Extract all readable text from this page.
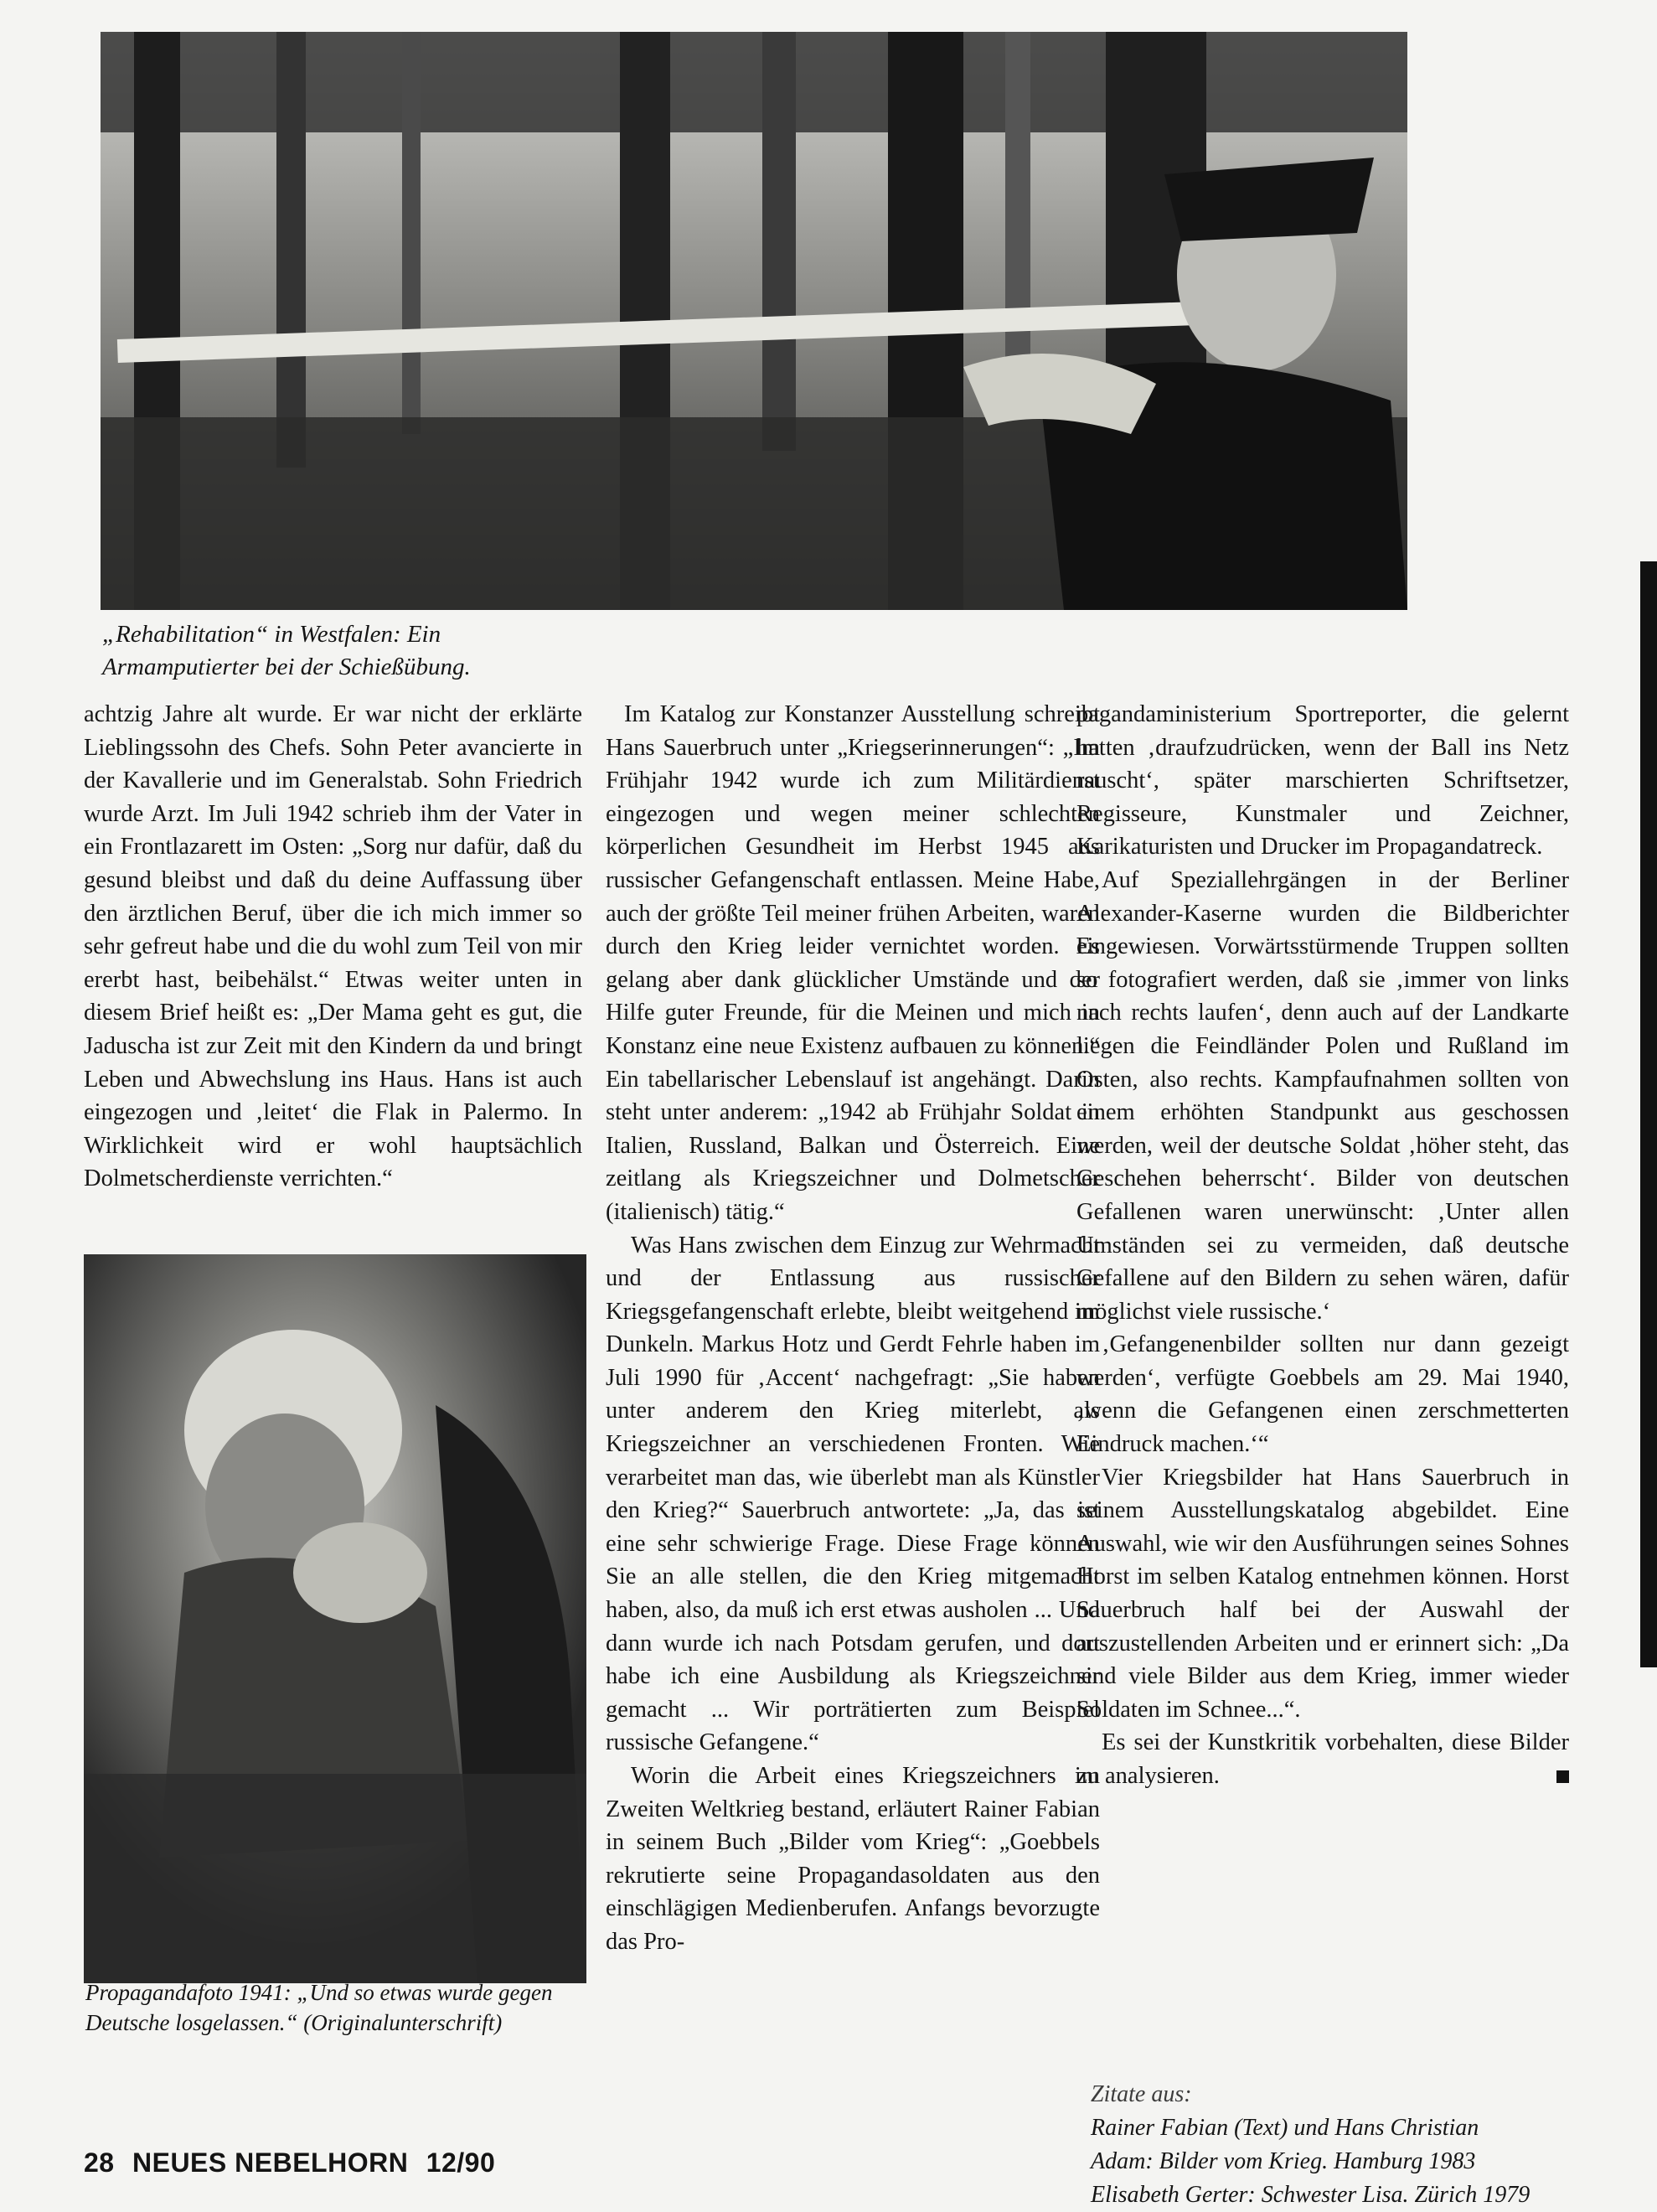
„Rehabilitation“ in Westfalen: Ein
Armamputierter bei der Schießübung.

achtzig Jahre alt wurde. Er war nicht der erklärte Lieblingssohn des Chefs. Sohn Peter avancierte in der Kavallerie und im Generalstab. Sohn Friedrich wurde Arzt. Im Juli 1942 schrieb ihm der Vater in ein Frontlazarett im Osten: „Sorg nur dafür, daß du gesund bleibst und daß du deine Auffassung über den ärztlichen Beruf, über die ich mich immer so sehr gefreut habe und die du wohl zum Teil von mir ererbt hast, beibehälst.“ Etwas weiter unten in diesem Brief heißt es: „Der Mama geht es gut, die Jaduscha ist zur Zeit mit den Kindern da und bringt Leben und Abwechslung ins Haus. Hans ist auch eingezogen und ‚leitet‘ die Flak in Palermo. In Wirklichkeit wird er wohl hauptsächlich Dolmetscherdienste verrichten.“

Propagandafoto 1941: „Und so etwas wurde gegen Deutsche losgelassen.“ (Originalunterschrift)

Im Katalog zur Konstanzer Ausstellung schreibt Hans Sauerbruch unter „Kriegserinnerungen“: „Im Frühjahr 1942 wurde ich zum Militärdienst eingezogen und wegen meiner schlechten körperlichen Gesundheit im Herbst 1945 aus russischer Gefangenschaft entlassen. Meine Habe, auch der größte Teil meiner frühen Arbeiten, waren durch den Krieg leider vernichtet worden. Es gelang aber dank glücklicher Umstände und der Hilfe guter Freunde, für die Meinen und mich in Konstanz eine neue Existenz aufbauen zu können.“ Ein tabellarischer Lebenslauf ist angehängt. Darin steht unter anderem: „1942 ab Frühjahr Soldat in Italien, Russland, Balkan und Österreich. Eine zeitlang als Kriegszeichner und Dolmetscher (italienisch) tätig.“

Was Hans zwischen dem Einzug zur Wehrmacht und der Entlassung aus russischer Kriegsgefangenschaft erlebte, bleibt weitgehend im Dunkeln. Markus Hotz und Gerdt Fehrle haben im Juli 1990 für ‚Accent‘ nachgefragt: „Sie haben unter anderem den Krieg miterlebt, als Kriegszeichner an verschiedenen Fronten. Wie verarbeitet man das, wie überlebt man als Künstler den Krieg?“ Sauerbruch antwortete: „Ja, das ist eine sehr schwierige Frage. Diese Frage können Sie an alle stellen, die den Krieg mitgemacht haben, also, da muß ich erst etwas ausholen ... Und dann wurde ich nach Potsdam gerufen, und dort habe ich eine Ausbildung als Kriegszeichner gemacht ... Wir porträtierten zum Beispiel russische Gefangene.“

Worin die Arbeit eines Kriegszeichners im Zweiten Weltkrieg bestand, erläutert Rainer Fabian in seinem Buch „Bilder vom Krieg“: „Goebbels rekrutierte seine Propagandasoldaten aus den einschlägigen Medienberufen. Anfangs bevorzugte das Pro-

pagandaministerium Sportreporter, die gelernt hatten ‚draufzudrücken, wenn der Ball ins Netz rauscht‘, später marschierten Schriftsetzer, Regisseure, Kunstmaler und Zeichner, Karikaturisten und Drucker im Propagandatreck.

Auf Speziallehrgängen in der Berliner Alexander-Kaserne wurden die Bildberichter eingewiesen. Vorwärtsstürmende Truppen sollten so fotografiert werden, daß sie ‚immer von links nach rechts laufen‘, denn auch auf der Landkarte liegen die Feindländer Polen und Rußland im Osten, also rechts. Kampfaufnahmen sollten von einem erhöhten Standpunkt aus geschossen werden, weil der deutsche Soldat ‚höher steht, das Geschehen beherrscht‘. Bilder von deutschen Gefallenen waren unerwünscht: ‚Unter allen Umständen sei zu vermeiden, daß deutsche Gefallene auf den Bildern zu sehen wären, dafür möglichst viele russische.‘

‚Gefangenenbilder sollten nur dann gezeigt werden‘, verfügte Goebbels am 29. Mai 1940, ‚wenn die Gefangenen einen zerschmetterten Eindruck machen.‘“

Vier Kriegsbilder hat Hans Sauerbruch in seinem Ausstellungskatalog abgebildet. Eine Auswahl, wie wir den Ausführungen seines Sohnes Horst im selben Katalog entnehmen können. Horst Sauerbruch half bei der Auswahl der auszustellenden Arbeiten und er erinnert sich: „Da sind viele Bilder aus dem Krieg, immer wieder Soldaten im Schnee...“.

Es sei der Kunstkritik vorbehalten, diese Bilder zu analysieren.

Zitate aus:

Rainer Fabian (Text) und Hans Christian

Adam: Bilder vom Krieg. Hamburg 1983

Elisabeth Gerter: Schwester Lisa. Zürich 1979

28 NEUES NEBELHORN 12/90
